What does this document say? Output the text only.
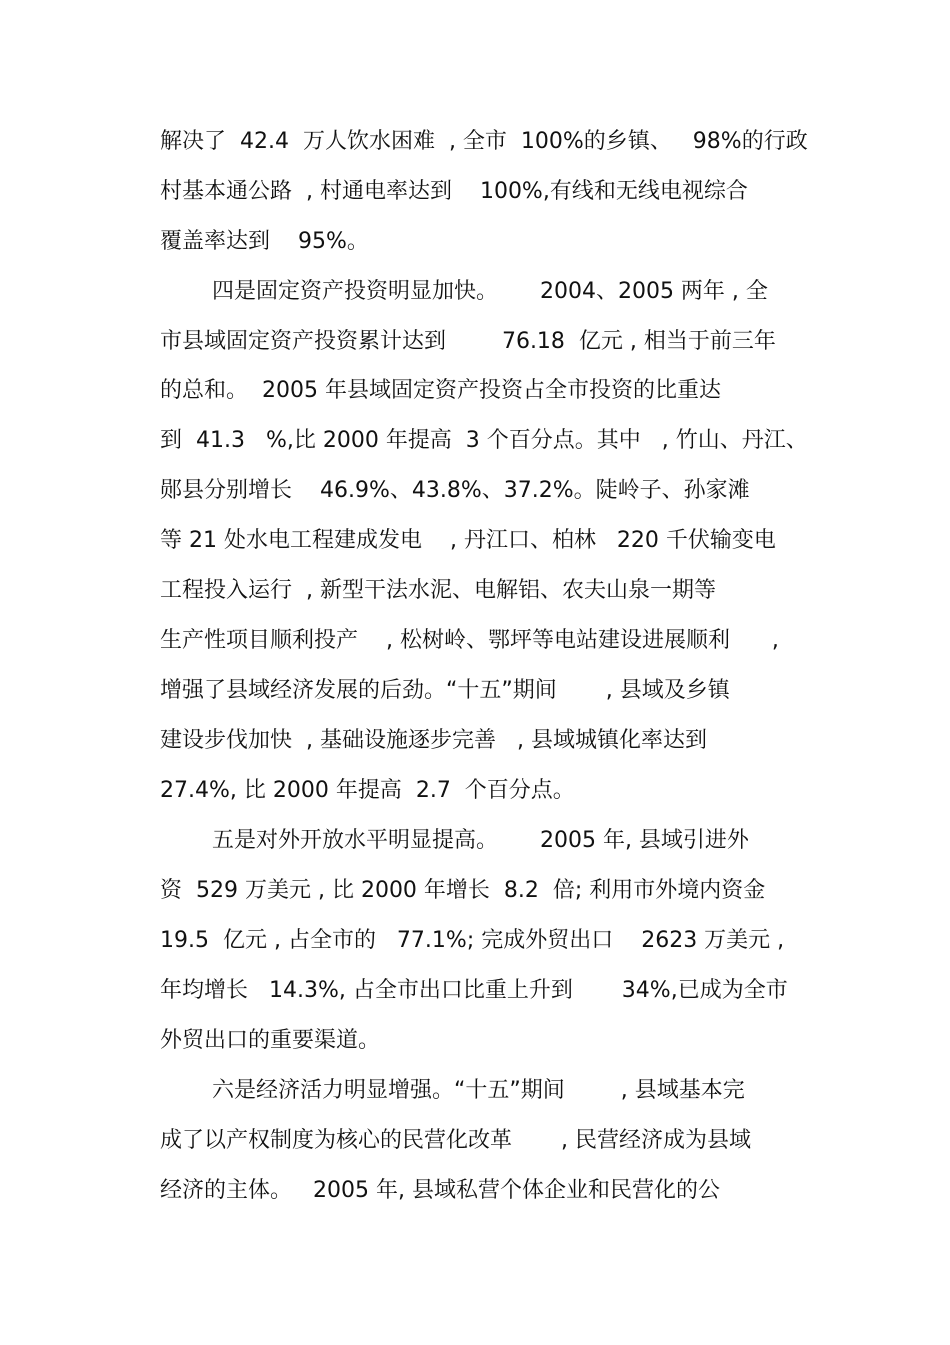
解决了  42.4  万人饮水困难  , 全市  100%的乡镇、   98%的行政
村基本通公路  , 村通电率达到    100%,有线和无线电视综合
覆盖率达到    95%。
四是固定资产投资明显加快。      2004、2005 两年 , 全
市县域固定资产投资累计达到        76.18  亿元 , 相当于前三年
的总和。  2005 年县域固定资产投资占全市投资的比重达
到  41.3   %,比 2000 年提高  3 个百分点。其中   , 竹山、丹江、
郧县分别增长    46.9%、43.8%、37.2%。陡岭子、孙家滩
等 21 处水电工程建成发电    , 丹江口、柏林   220 千伏输变电
工程投入运行  , 新型干法水泥、电解铝、农夫山泉一期等
生产性项目顺利投产    , 松树岭、鄂坪等电站建设进展顺利      ,
增强了县域经济发展的后劲。“十五”期间       , 县域及乡镇
建设步伐加快  , 基础设施逐步完善   , 县域城镇化率达到
27.4%, 比 2000 年提高  2.7  个百分点。
五是对外开放水平明显提高。      2005 年, 县域引进外
资  529 万美元 , 比 2000 年增长  8.2  倍; 利用市外境内资金
19.5  亿元 , 占全市的   77.1%; 完成外贸出口    2623 万美元 ,
年均增长   14.3%, 占全市出口比重上升到       34%,已成为全市
外贸出口的重要渠道。
六是经济活力明显增强。“十五”期间        , 县域基本完
成了以产权制度为核心的民营化改革       , 民营经济成为县域
经济的主体。   2005 年, 县域私营个体企业和民营化的公
